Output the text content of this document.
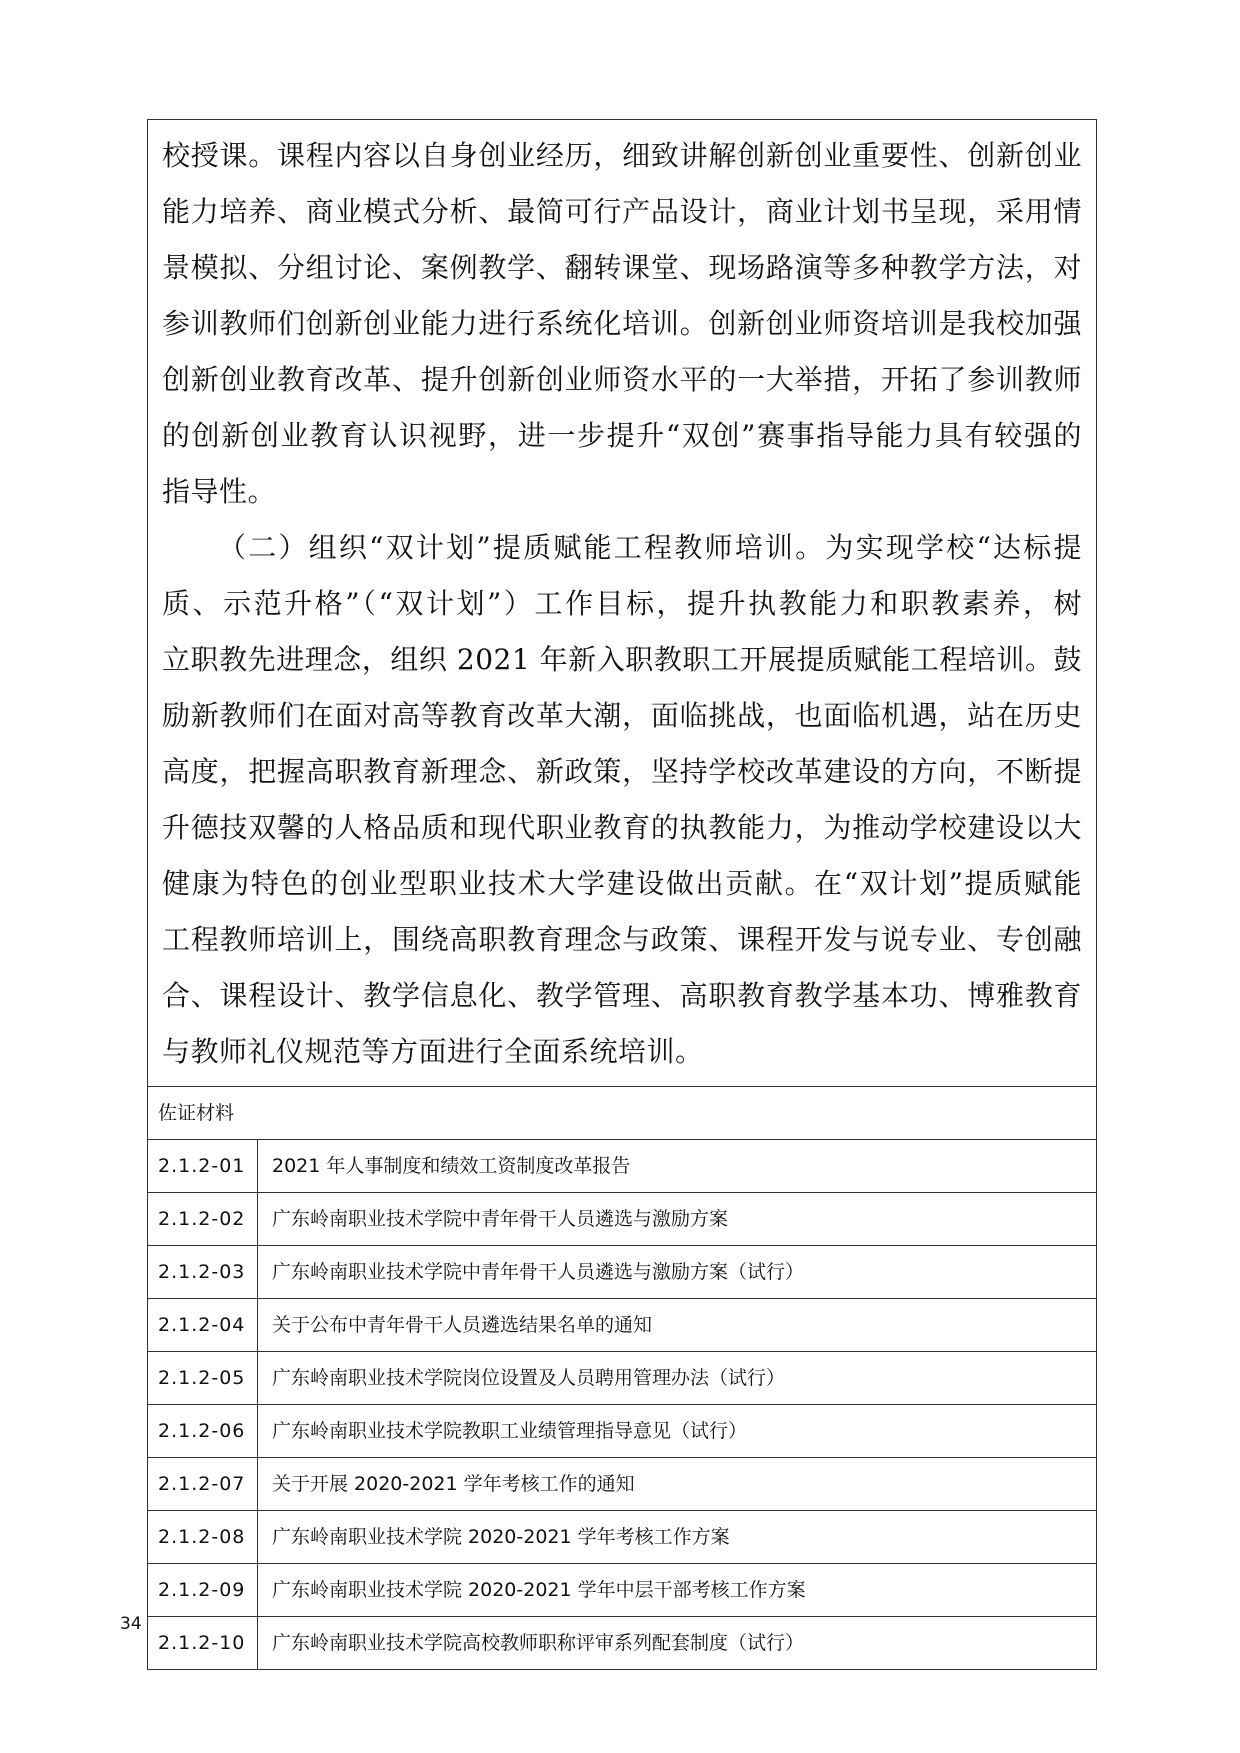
校授课。课程内容以自身创业经历，细致讲解创新创业重要性、创新创业

能力培养、商业模式分析、最简可行产品设计，商业计划书呈现，采用情

景模拟、分组讨论、案例教学、翻转课堂、现场路演等多种教学方法，对

参训教师们创新创业能力进行系统化培训。创新创业师资培训是我校加强

创新创业教育改革、提升创新创业师资水平的一大举措，开拓了参训教师

的创新创业教育认识视野，进一步提升“双创”赛事指导能力具有较强的

指导性。

（二）组织“双计划”提质赋能工程教师培训。为实现学校“达标提

质、示范升格”（“双计划”）工作目标，提升执教能力和职教素养，树

立职教先进理念，组织 2021 年新入职教职工开展提质赋能工程培训。鼓

励新教师们在面对高等教育改革大潮，面临挑战，也面临机遇，站在历史

高度，把握高职教育新理念、新政策，坚持学校改革建设的方向，不断提

升德技双馨的人格品质和现代职业教育的执教能力，为推动学校建设以大

健康为特色的创业型职业技术大学建设做出贡献。在“双计划”提质赋能

工程教师培训上，围绕高职教育理念与政策、课程开发与说专业、专创融

合、课程设计、教学信息化、教学管理、高职教育教学基本功、博雅教育

与教师礼仪规范等方面进行全面系统培训。

佐证材料
2.1.2-01	2021 年人事制度和绩效工资制度改革报告
2.1.2-02	广东岭南职业技术学院中青年骨干人员遴选与激励方案
2.1.2-03	广东岭南职业技术学院中青年骨干人员遴选与激励方案（试行）
2.1.2-04	关于公布中青年骨干人员遴选结果名单的通知
2.1.2-05	广东岭南职业技术学院岗位设置及人员聘用管理办法（试行）
2.1.2-06	广东岭南职业技术学院教职工业绩管理指导意见（试行）
2.1.2-07	关于开展 2020-2021 学年考核工作的通知
2.1.2-08	广东岭南职业技术学院 2020-2021 学年考核工作方案
2.1.2-09	广东岭南职业技术学院 2020-2021 学年中层干部考核工作方案
2.1.2-10	广东岭南职业技术学院高校教师职称评审系列配套制度（试行）
34
